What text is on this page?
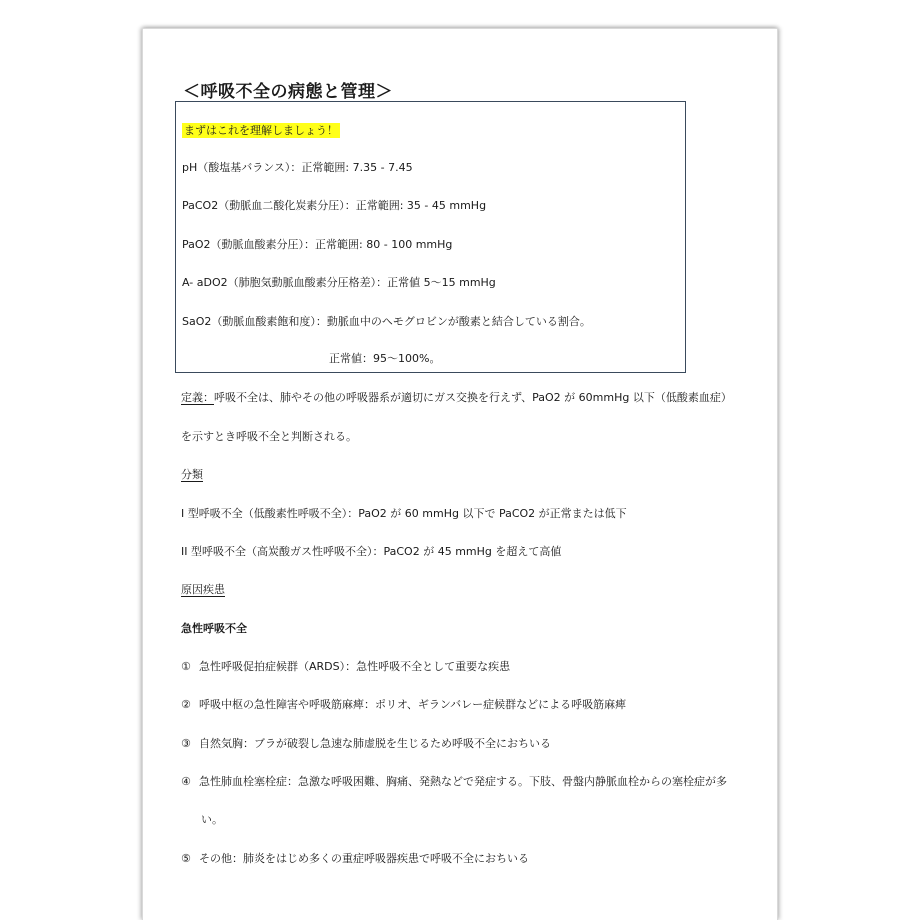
＜呼吸不全の病態と管理＞
まずはこれを理解しましょう！
pH（酸塩基バランス）：正常範囲: 7.35 - 7.45
PaCO2（動脈血二酸化炭素分圧）：正常範囲: 35 - 45 mmHg
PaO2（動脈血酸素分圧）：正常範囲: 80 - 100 mmHg
A- aDO2（肺胞気動脈血酸素分圧格差）：正常値 5〜15 mmHg
SaO2（動脈血酸素飽和度）：動脈血中のヘモグロビンが酸素と結合している割合。
正常値：95〜100%。
定義：呼吸不全は、肺やその他の呼吸器系が適切にガス交換を行えず、PaO2 が 60mmHg 以下（低酸素血症）
を示すとき呼吸不全と判断される。
分類
I 型呼吸不全（低酸素性呼吸不全）：PaO2 が 60 mmHg 以下で PaCO2 が正常または低下
II 型呼吸不全（高炭酸ガス性呼吸不全）：PaCO2 が 45 mmHg を超えて高値
原因疾患
急性呼吸不全
① 急性呼吸促拍症候群（ARDS）：急性呼吸不全として重要な疾患
② 呼吸中枢の急性障害や呼吸筋麻痺：ポリオ、ギランバレー症候群などによる呼吸筋麻痺
③ 自然気胸：ブラが破裂し急速な肺虚脱を生じるため呼吸不全におちいる
④ 急性肺血栓塞栓症：急激な呼吸困難、胸痛、発熱などで発症する。下肢、骨盤内静脈血栓からの塞栓症が多
い。
⑤ その他：肺炎をはじめ多くの重症呼吸器疾患で呼吸不全におちいる
